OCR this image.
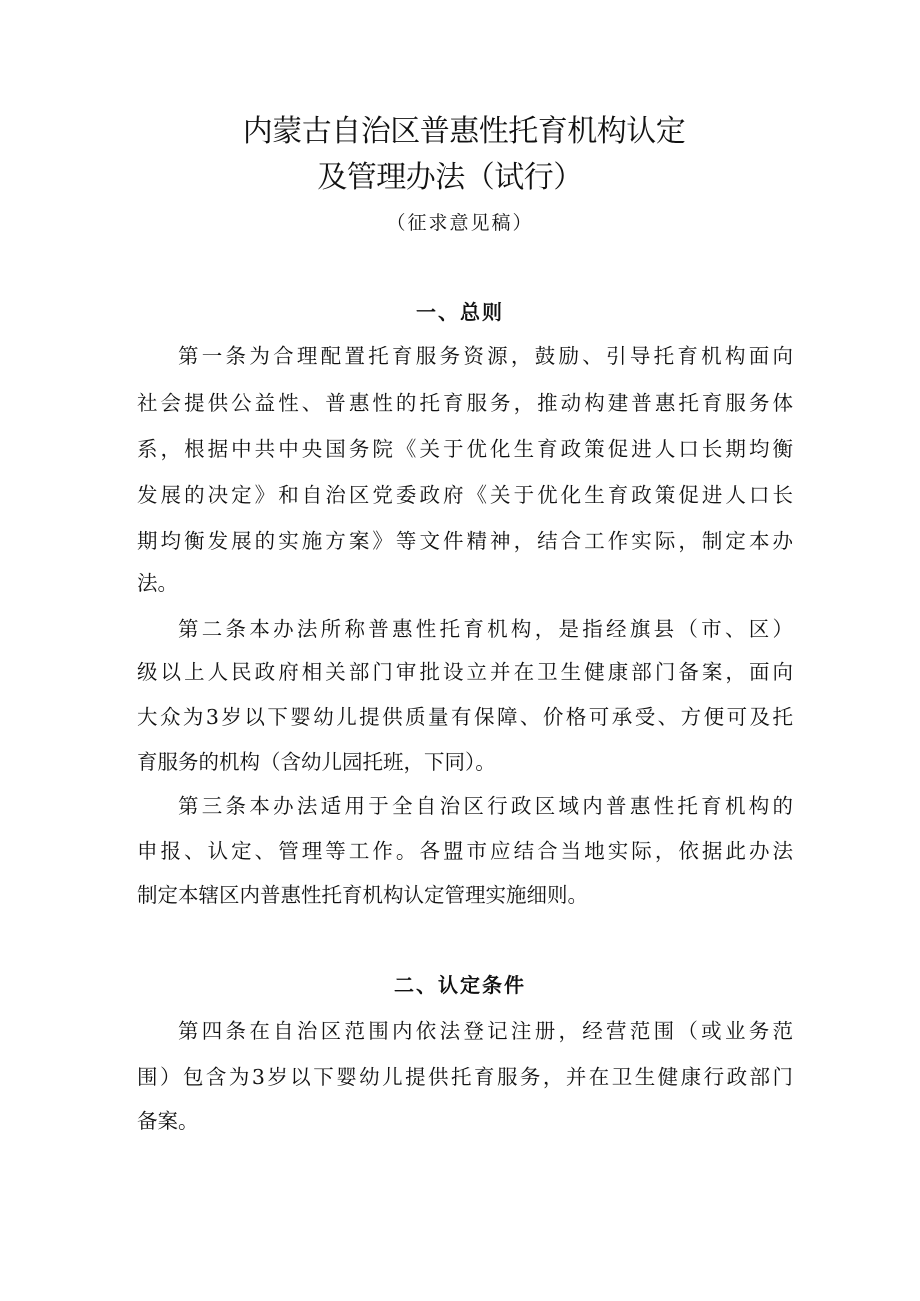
内蒙古自治区普惠性托育机构认定
及管理办法（试行）
（征求意见稿）
一、总则
第一条为合理配置托育服务资源，鼓励、引导托育机构面向
社会提供公益性、普惠性的托育服务，推动构建普惠托育服务体
系，根据中共中央国务院《关于优化生育政策促进人口长期均衡
发展的决定》和自治区党委政府《关于优化生育政策促进人口长
期均衡发展的实施方案》等文件精神，结合工作实际，制定本办
法。
第二条本办法所称普惠性托育机构，是指经旗县（市、区）
级以上人民政府相关部门审批设立并在卫生健康部门备案，面向
大众为3岁以下婴幼儿提供质量有保障、价格可承受、方便可及托
育服务的机构（含幼儿园托班，下同）。
第三条本办法适用于全自治区行政区域内普惠性托育机构的
申报、认定、管理等工作。各盟市应结合当地实际，依据此办法
制定本辖区内普惠性托育机构认定管理实施细则。
二、认定条件
第四条在自治区范围内依法登记注册，经营范围（或业务范
围）包含为3岁以下婴幼儿提供托育服务，并在卫生健康行政部门
备案。
